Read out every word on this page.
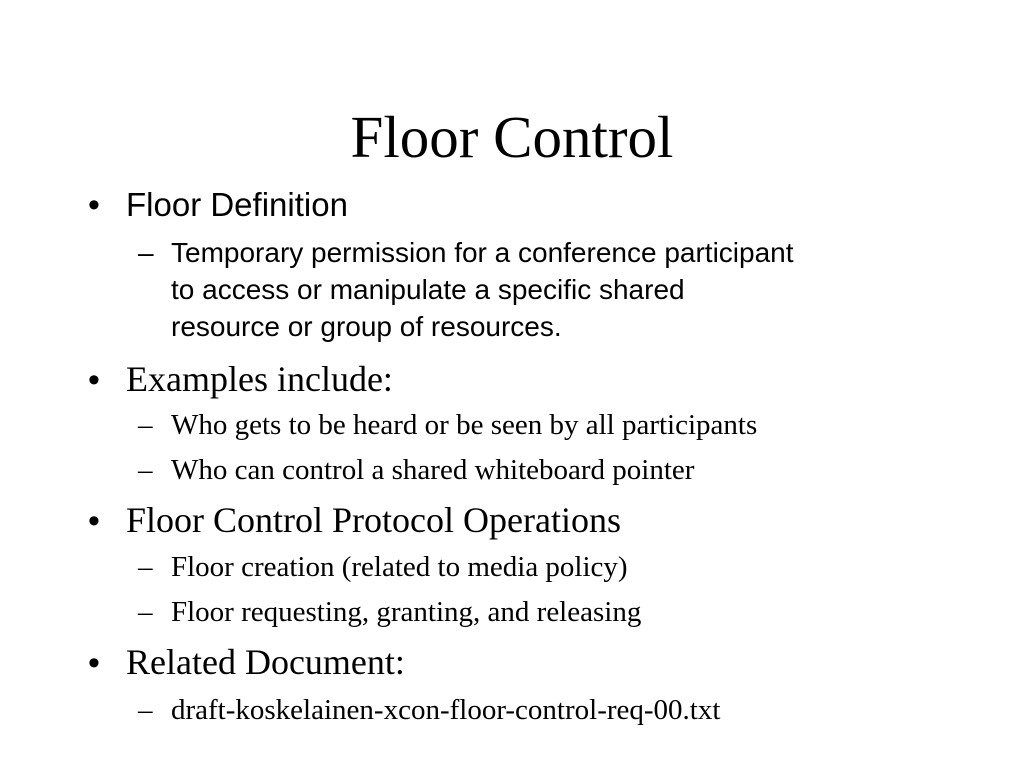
Floor Control

• Floor Definition

– Temporary permission for a conference participant
to access or manipulate a specific shared
resource or group of resources.

• Examples include:

– Who gets to be heard or be seen by all participants
– Who can control a shared whiteboard pointer

• Floor Control Protocol Operations

– Floor creation (related to media policy)
– Floor requesting, granting, and releasing

• Related Document:

– draft-koskelainen-xcon-floor-control-req-00.txt
